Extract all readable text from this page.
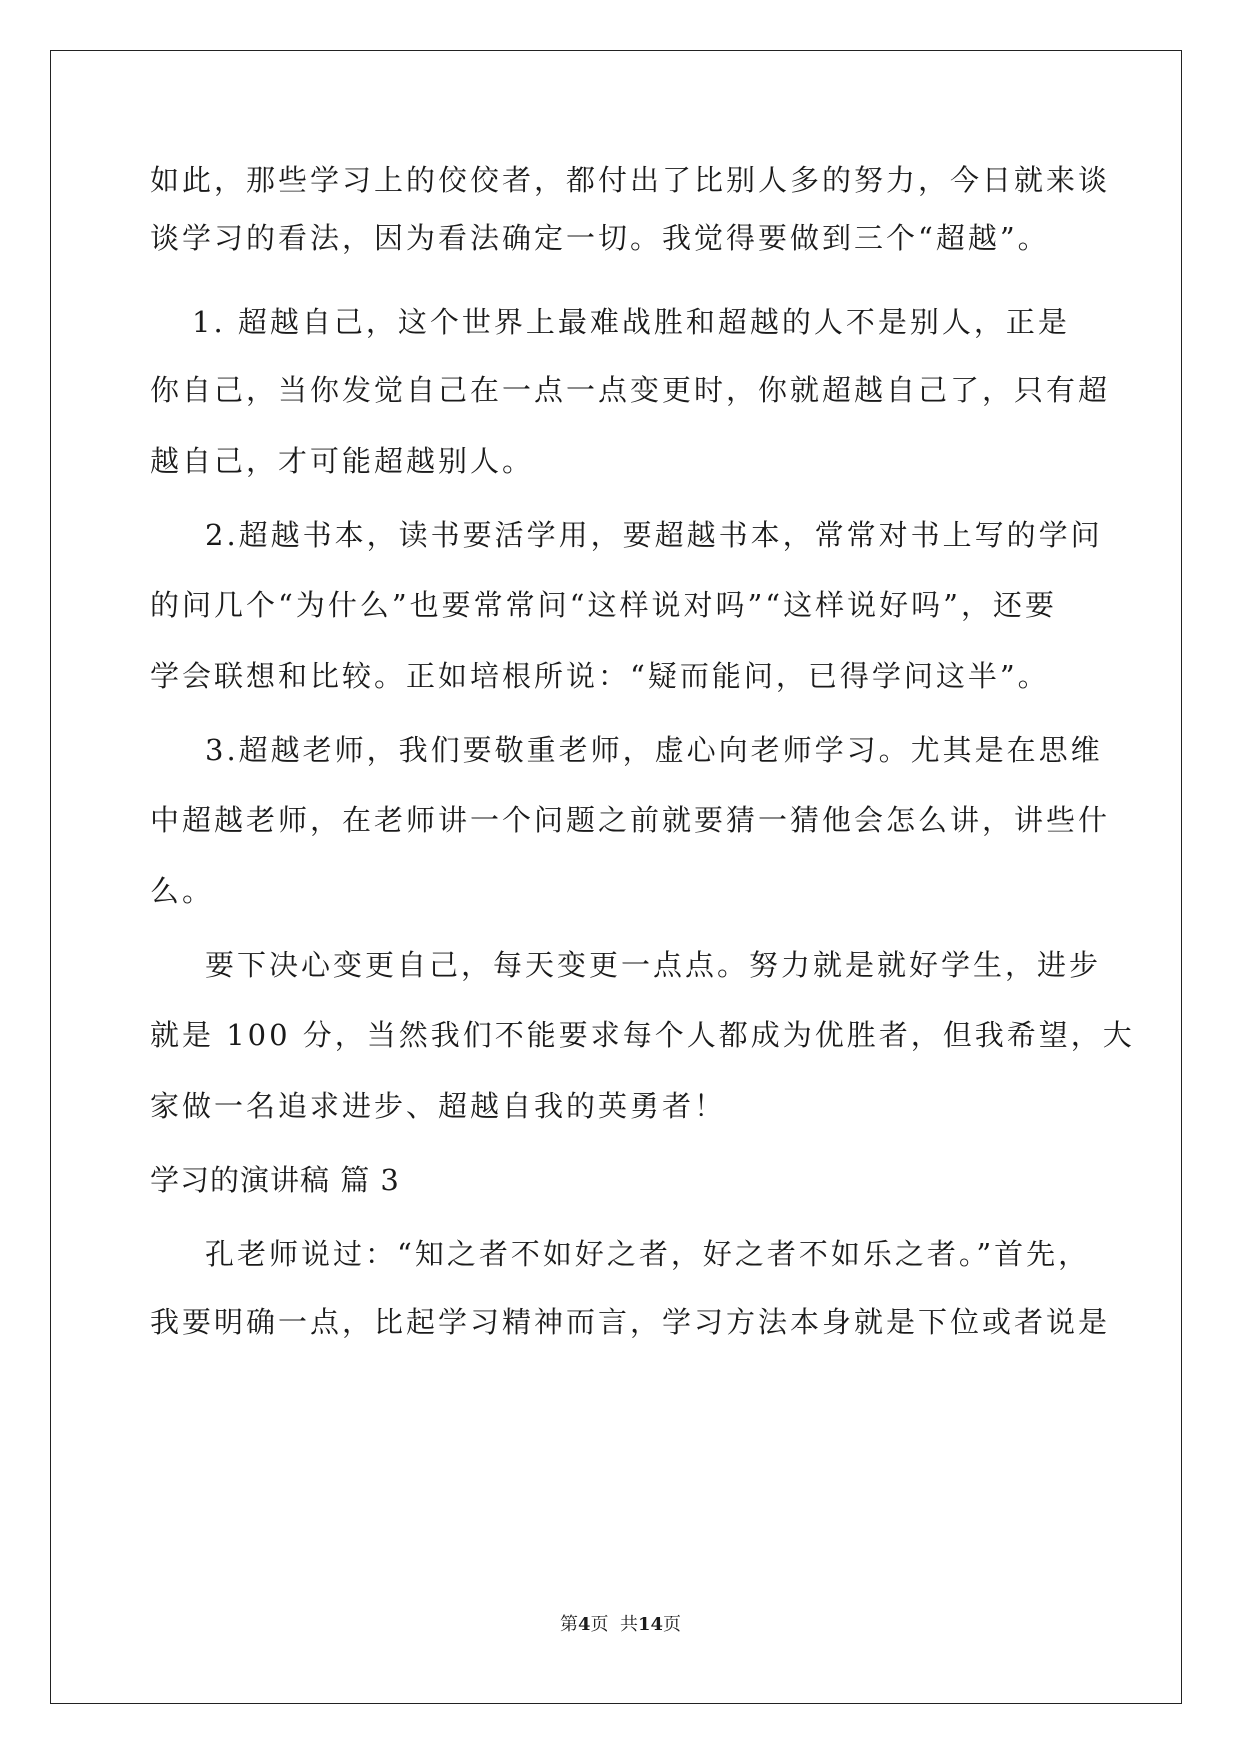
如此，那些学习上的佼佼者，都付出了比别人多的努力，今日就来谈
谈学习的看法，因为看法确定一切。我觉得要做到三个“超越”。
1. 超越自己，这个世界上最难战胜和超越的人不是别人，正是
你自己，当你发觉自己在一点一点变更时，你就超越自己了，只有超
越自己，才可能超越别人。
2.超越书本，读书要活学用，要超越书本，常常对书上写的学问
的问几个“为什么”也要常常问“这样说对吗”“这样说好吗”，还要
学会联想和比较。正如培根所说：“疑而能问，已得学问这半”。
3.超越老师，我们要敬重老师，虚心向老师学习。尤其是在思维
中超越老师，在老师讲一个问题之前就要猜一猜他会怎么讲，讲些什
么。
要下决心变更自己，每天变更一点点。努力就是就好学生，进步
就是 100 分，当然我们不能要求每个人都成为优胜者，但我希望，大
家做一名追求进步、超越自我的英勇者！
学习的演讲稿 篇 3
孔老师说过：“知之者不如好之者，好之者不如乐之者。”首先，
我要明确一点，比起学习精神而言，学习方法本身就是下位或者说是
第4页  共14页
